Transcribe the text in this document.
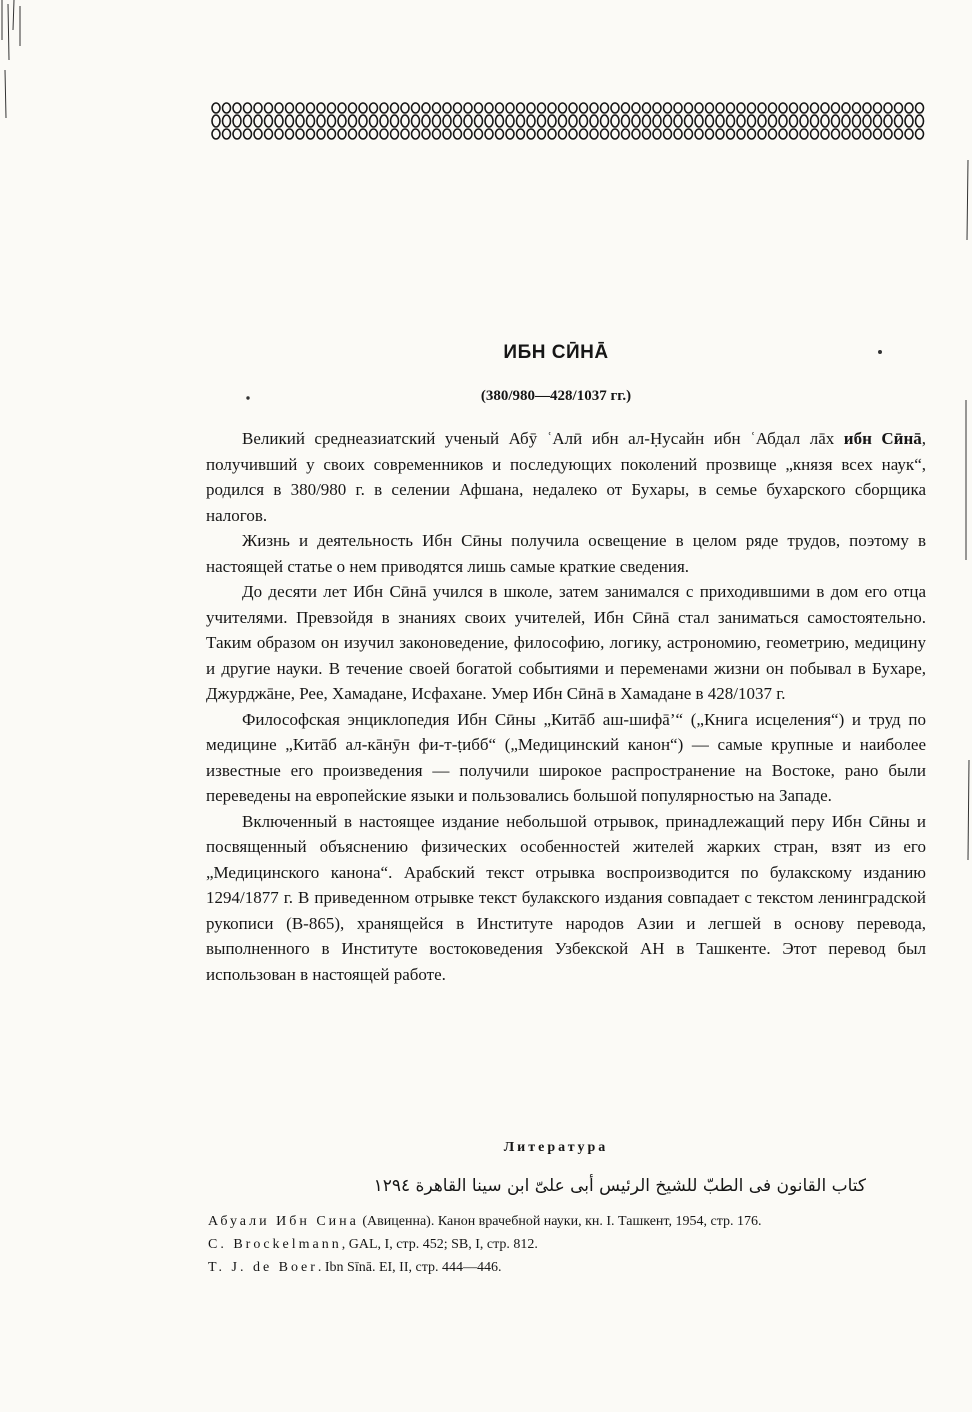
ИБН СӢНА̄
(380/980—428/1037 гг.)

Великий среднеазиатский ученый Абӯ ʿАлӣ ибн ал-Ḥусайн ибн ʿАбдал лāх ибн Сӣнā, получивший у своих современников и последующих поколений прозвище „князя всех наук“, родился в 380/980 г. в селении Афшана, недалеко от Бухары, в семье бухарского сборщика налогов.

Жизнь и деятельность Ибн Сӣны получила освещение в целом ряде трудов, поэтому в настоящей статье о нем приводятся лишь самые краткие сведения.

До десяти лет Ибн Сӣнā учился в школе, затем занимался с приходившими в дом его отца учителями. Превзойдя в знаниях своих учителей, Ибн Сӣнā стал заниматься самостоятельно. Таким образом он изучил законоведение, философию, логику, астрономию, геометрию, медицину и другие науки. В течение своей богатой событиями и переменами жизни он побывал в Бухаре, Джурджāне, Рее, Хамадане, Исфахане. Умер Ибн Сӣнā в Хамадане в 428/1037 г.

Философская энциклопедия Ибн Сӣны „Китāб аш-шифā’“ („Книга исцеления“) и труд по медицине „Китāб ал-кāнӯн фи-т-ṭибб“ („Медицинский канон“) — самые крупные и наиболее известные его произведения — получили широкое распространение на Востоке, рано были переведены на европейские языки и пользовались большой популярностью на Западе.

Включенный в настоящее издание небольшой отрывок, принадлежащий перу Ибн Сӣны и посвященный объяснению физических особенностей жителей жарких стран, взят из его „Медицинского канона“. Арабский текст отрывка воспроизводится по булакскому изданию 1294/1877 г. В приведенном отрывке текст булакского издания совпадает с текстом ленинградской рукописи (В-865), хранящейся в Институте народов Азии и легшей в основу перевода, выполненного в Институте востоковедения Узбекской АН в Ташкенте. Этот перевод был использован в настоящей работе.

Литература
كتاب القانون فى الطبّ للشيخ الرئيس أبى علىّ ابن سينا القاهرة ١٢٩٤
Абуали Ибн Сина (Авиценна). Канон врачебной науки, кн. I. Ташкент, 1954, стр. 176.
C. Brockelmann, GAL, I, стр. 452; SB, I, стр. 812.
T. J. de Boer. Ibn Sīnā. EI, II, стр. 444—446.
